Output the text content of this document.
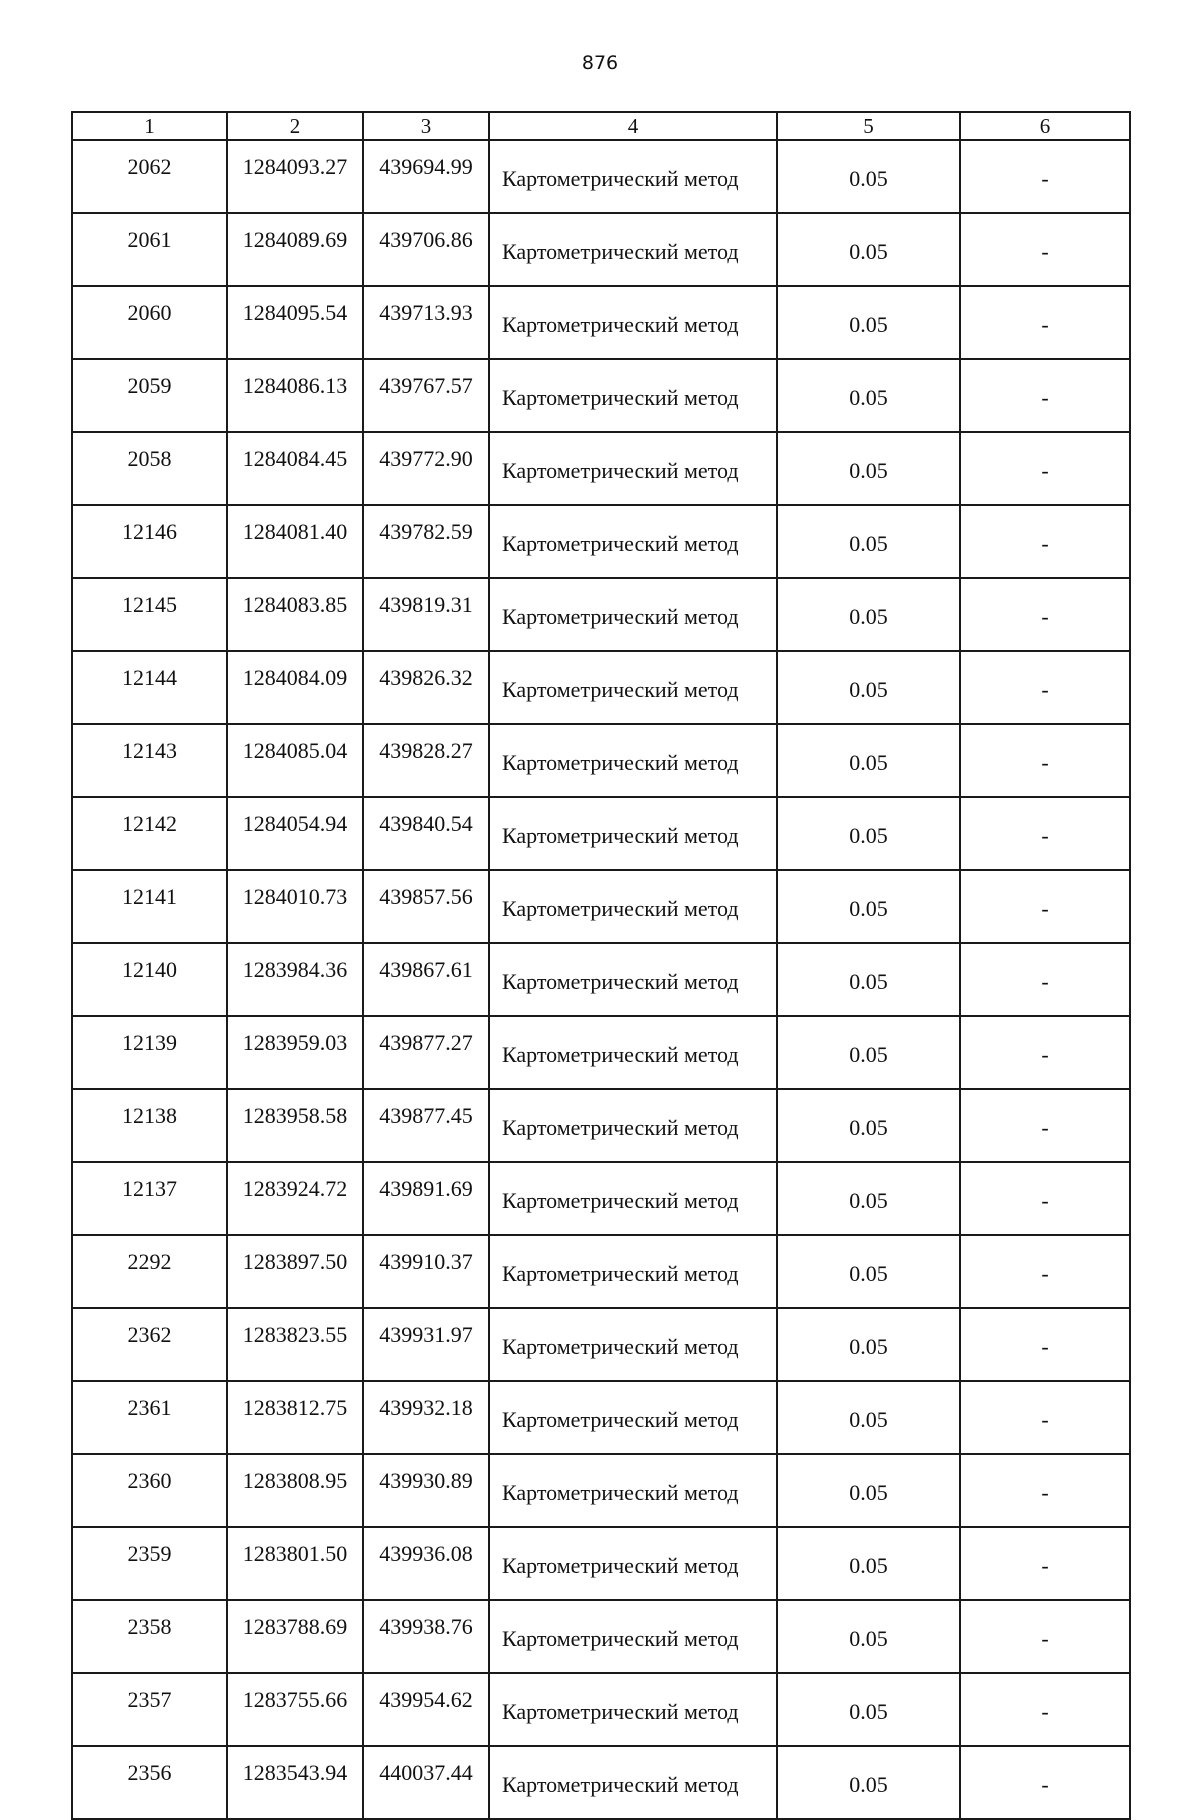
876
1	2	3	4	5	6
2062	1284093.27	439694.99	Картометрический метод	0.05	-
2061	1284089.69	439706.86	Картометрический метод	0.05	-
2060	1284095.54	439713.93	Картометрический метод	0.05	-
2059	1284086.13	439767.57	Картометрический метод	0.05	-
2058	1284084.45	439772.90	Картометрический метод	0.05	-
12146	1284081.40	439782.59	Картометрический метод	0.05	-
12145	1284083.85	439819.31	Картометрический метод	0.05	-
12144	1284084.09	439826.32	Картометрический метод	0.05	-
12143	1284085.04	439828.27	Картометрический метод	0.05	-
12142	1284054.94	439840.54	Картометрический метод	0.05	-
12141	1284010.73	439857.56	Картометрический метод	0.05	-
12140	1283984.36	439867.61	Картометрический метод	0.05	-
12139	1283959.03	439877.27	Картометрический метод	0.05	-
12138	1283958.58	439877.45	Картометрический метод	0.05	-
12137	1283924.72	439891.69	Картометрический метод	0.05	-
2292	1283897.50	439910.37	Картометрический метод	0.05	-
2362	1283823.55	439931.97	Картометрический метод	0.05	-
2361	1283812.75	439932.18	Картометрический метод	0.05	-
2360	1283808.95	439930.89	Картометрический метод	0.05	-
2359	1283801.50	439936.08	Картометрический метод	0.05	-
2358	1283788.69	439938.76	Картометрический метод	0.05	-
2357	1283755.66	439954.62	Картометрический метод	0.05	-
2356	1283543.94	440037.44	Картометрический метод	0.05	-
